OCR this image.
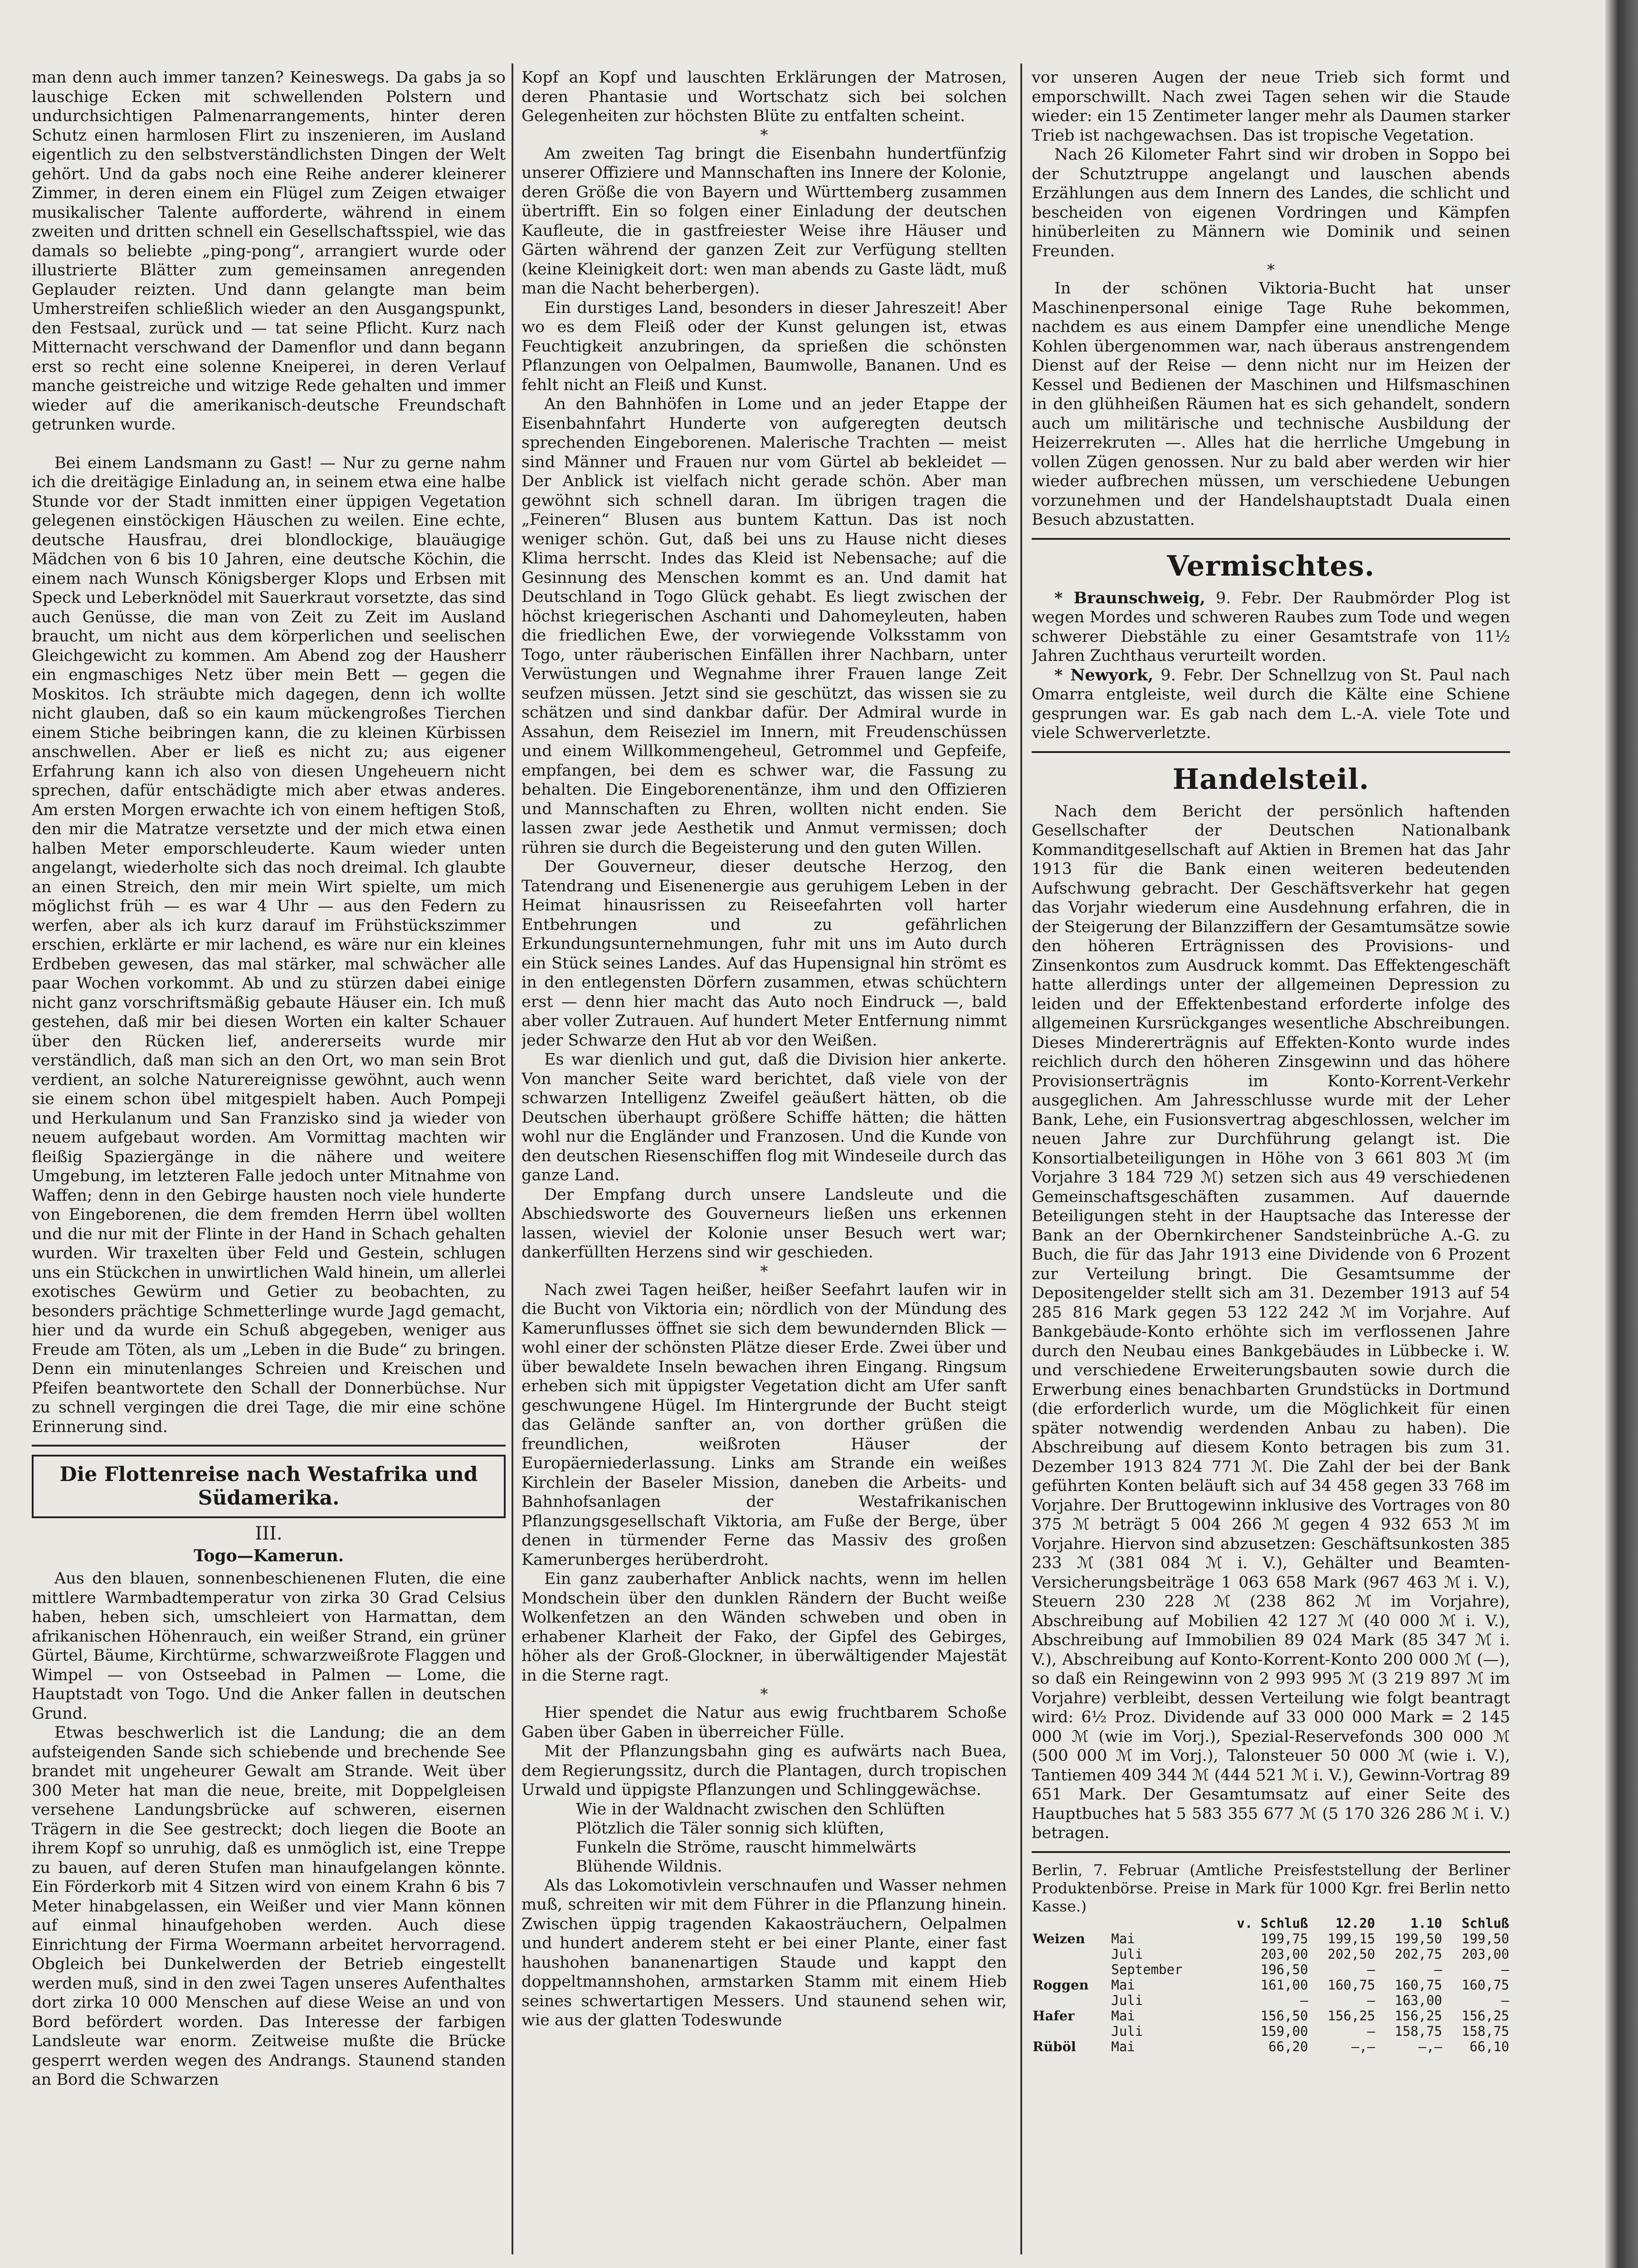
man denn auch immer tanzen? Keineswegs. Da gabs ja so lauschige Ecken mit schwellenden Polstern und undurchsichtigen Palmenarrangements, hinter deren Schutz einen harmlosen Flirt zu inszenieren, im Ausland eigentlich zu den selbstverständlichsten Dingen der Welt gehört. Und da gabs noch eine Reihe anderer kleinerer Zimmer, in deren einem ein Flügel zum Zeigen etwaiger musikalischer Talente aufforderte, während in einem zweiten und dritten schnell ein Gesellschaftsspiel, wie das damals so beliebte „ping-pong“, arrangiert wurde oder illustrierte Blätter zum gemeinsamen anregenden Geplauder reizten. Und dann gelangte man beim Umherstreifen schließlich wieder an den Ausgangspunkt, den Festsaal, zurück und — tat seine Pflicht. Kurz nach Mitternacht verschwand der Damenflor und dann begann erst so recht eine solenne Kneiperei, in deren Verlauf manche geistreiche und witzige Rede gehalten und immer wieder auf die amerikanisch-deutsche Freundschaft getrunken wurde.

Bei einem Landsmann zu Gast! — Nur zu gerne nahm ich die dreitägige Einladung an, in seinem etwa eine halbe Stunde vor der Stadt inmitten einer üppigen Vegetation gelegenen einstöckigen Häuschen zu weilen. Eine echte, deutsche Hausfrau, drei blondlockige, blauäugige Mädchen von 6 bis 10 Jahren, eine deutsche Köchin, die einem nach Wunsch Königsberger Klops und Erbsen mit Speck und Leberknödel mit Sauerkraut vorsetzte, das sind auch Genüsse, die man von Zeit zu Zeit im Ausland braucht, um nicht aus dem körperlichen und seelischen Gleichgewicht zu kommen. Am Abend zog der Hausherr ein engmaschiges Netz über mein Bett — gegen die Moskitos. Ich sträubte mich dagegen, denn ich wollte nicht glauben, daß so ein kaum mückengroßes Tierchen einem Stiche beibringen kann, die zu kleinen Kürbissen anschwellen. Aber er ließ es nicht zu; aus eigener Erfahrung kann ich also von diesen Ungeheuern nicht sprechen, dafür entschädigte mich aber etwas anderes. Am ersten Morgen erwachte ich von einem heftigen Stoß, den mir die Matratze versetzte und der mich etwa einen halben Meter emporschleuderte. Kaum wieder unten angelangt, wiederholte sich das noch dreimal. Ich glaubte an einen Streich, den mir mein Wirt spielte, um mich möglichst früh — es war 4 Uhr — aus den Federn zu werfen, aber als ich kurz darauf im Frühstückszimmer erschien, erklärte er mir lachend, es wäre nur ein kleines Erdbeben gewesen, das mal stärker, mal schwächer alle paar Wochen vorkommt. Ab und zu stürzen dabei einige nicht ganz vorschriftsmäßig gebaute Häuser ein. Ich muß gestehen, daß mir bei diesen Worten ein kalter Schauer über den Rücken lief, andererseits wurde mir verständlich, daß man sich an den Ort, wo man sein Brot verdient, an solche Naturereignisse gewöhnt, auch wenn sie einem schon übel mitgespielt haben. Auch Pompeji und Herkulanum und San Franzisko sind ja wieder von neuem aufgebaut worden. Am Vormittag machten wir fleißig Spaziergänge in die nähere und weitere Umgebung, im letzteren Falle jedoch unter Mitnahme von Waffen; denn in den Gebirge hausten noch viele hunderte von Eingeborenen, die dem fremden Herrn übel wollten und die nur mit der Flinte in der Hand in Schach gehalten wurden. Wir traxelten über Feld und Gestein, schlugen uns ein Stückchen in unwirtlichen Wald hinein, um allerlei exotisches Gewürm und Getier zu beobachten, zu besonders prächtige Schmetterlinge wurde Jagd gemacht, hier und da wurde ein Schuß abgegeben, weniger aus Freude am Töten, als um „Leben in die Bude“ zu bringen. Denn ein minutenlanges Schreien und Kreischen und Pfeifen beantwortete den Schall der Donnerbüchse. Nur zu schnell vergingen die drei Tage, die mir eine schöne Erinnerung sind.

Die Flottenreise nach Westafrika und Südamerika.
III.
Togo—Kamerun.

Aus den blauen, sonnenbeschienenen Fluten, die eine mittlere Warmbadtemperatur von zirka 30 Grad Celsius haben, heben sich, umschleiert von Harmattan, dem afrikanischen Höhenrauch, ein weißer Strand, ein grüner Gürtel, Bäume, Kirchtürme, schwarzweißrote Flaggen und Wimpel — von Ostseebad in Palmen — Lome, die Hauptstadt von Togo. Und die Anker fallen in deutschen Grund.

Etwas beschwerlich ist die Landung; die an dem aufsteigenden Sande sich schiebende und brechende See brandet mit ungeheurer Gewalt am Strande. Weit über 300 Meter hat man die neue, breite, mit Doppelgleisen versehene Landungsbrücke auf schweren, eisernen Trägern in die See gestreckt; doch liegen die Boote an ihrem Kopf so unruhig, daß es unmöglich ist, eine Treppe zu bauen, auf deren Stufen man hinaufgelangen könnte. Ein Förderkorb mit 4 Sitzen wird von einem Krahn 6 bis 7 Meter hinabgelassen, ein Weißer und vier Mann können auf einmal hinaufgehoben werden. Auch diese Einrichtung der Firma Woermann arbeitet hervorragend. Obgleich bei Dunkelwerden der Betrieb eingestellt werden muß, sind in den zwei Tagen unseres Aufenthaltes dort zirka 10 000 Menschen auf diese Weise an und von Bord befördert worden. Das Interesse der farbigen Landsleute war enorm. Zeitweise mußte die Brücke gesperrt werden wegen des Andrangs. Staunend standen an Bord die Schwarzen

Kopf an Kopf und lauschten Erklärungen der Matrosen, deren Phantasie und Wortschatz sich bei solchen Gelegenheiten zur höchsten Blüte zu entfalten scheint.

*

Am zweiten Tag bringt die Eisenbahn hundertfünfzig unserer Offiziere und Mannschaften ins Innere der Kolonie, deren Größe die von Bayern und Württemberg zusammen übertrifft. Ein so folgen einer Einladung der deutschen Kaufleute, die in gastfreiester Weise ihre Häuser und Gärten während der ganzen Zeit zur Verfügung stellten (keine Kleinigkeit dort: wen man abends zu Gaste lädt, muß man die Nacht beherbergen).

Ein durstiges Land, besonders in dieser Jahreszeit! Aber wo es dem Fleiß oder der Kunst gelungen ist, etwas Feuchtigkeit anzubringen, da sprießen die schönsten Pflanzungen von Oelpalmen, Baumwolle, Bananen. Und es fehlt nicht an Fleiß und Kunst.

An den Bahnhöfen in Lome und an jeder Etappe der Eisenbahnfahrt Hunderte von aufgeregten deutsch sprechenden Eingeborenen. Malerische Trachten — meist sind Männer und Frauen nur vom Gürtel ab bekleidet — Der Anblick ist vielfach nicht gerade schön. Aber man gewöhnt sich schnell daran. Im übrigen tragen die „Feineren“ Blusen aus buntem Kattun. Das ist noch weniger schön. Gut, daß bei uns zu Hause nicht dieses Klima herrscht. Indes das Kleid ist Nebensache; auf die Gesinnung des Menschen kommt es an. Und damit hat Deutschland in Togo Glück gehabt. Es liegt zwischen der höchst kriegerischen Aschanti und Dahomeyleuten, haben die friedlichen Ewe, der vorwiegende Volksstamm von Togo, unter räuberischen Einfällen ihrer Nachbarn, unter Verwüstungen und Wegnahme ihrer Frauen lange Zeit seufzen müssen. Jetzt sind sie geschützt, das wissen sie zu schätzen und sind dankbar dafür. Der Admiral wurde in Assahun, dem Reiseziel im Innern, mit Freudenschüssen und einem Willkommengeheul, Getrommel und Gepfeife, empfangen, bei dem es schwer war, die Fassung zu behalten. Die Eingeborenentänze, ihm und den Offizieren und Mannschaften zu Ehren, wollten nicht enden. Sie lassen zwar jede Aesthetik und Anmut vermissen; doch rühren sie durch die Begeisterung und den guten Willen.

Der Gouverneur, dieser deutsche Herzog, den Tatendrang und Eisenenergie aus geruhigem Leben in der Heimat hinausrissen zu Reiseefahrten voll harter Entbehrungen und zu gefährlichen Erkundungsunternehmungen, fuhr mit uns im Auto durch ein Stück seines Landes. Auf das Hupensignal hin strömt es in den entlegensten Dörfern zusammen, etwas schüchtern erst — denn hier macht das Auto noch Eindruck —, bald aber voller Zutrauen. Auf hundert Meter Entfernung nimmt jeder Schwarze den Hut ab vor den Weißen.

Es war dienlich und gut, daß die Division hier ankerte. Von mancher Seite ward berichtet, daß viele von der schwarzen Intelligenz Zweifel geäußert hätten, ob die Deutschen überhaupt größere Schiffe hätten; die hätten wohl nur die Engländer und Franzosen. Und die Kunde von den deutschen Riesenschiffen flog mit Windeseile durch das ganze Land.

Der Empfang durch unsere Landsleute und die Abschiedsworte des Gouverneurs ließen uns erkennen lassen, wieviel der Kolonie unser Besuch wert war; dankerfüllten Herzens sind wir geschieden.

*

Nach zwei Tagen heißer, heißer Seefahrt laufen wir in die Bucht von Viktoria ein; nördlich von der Mündung des Kamerunflusses öffnet sie sich dem bewundernden Blick — wohl einer der schönsten Plätze dieser Erde. Zwei über und über bewaldete Inseln bewachen ihren Eingang. Ringsum erheben sich mit üppigster Vegetation dicht am Ufer sanft geschwungene Hügel. Im Hintergrunde der Bucht steigt das Gelände sanfter an, von dorther grüßen die freundlichen, weißroten Häuser der Europäerniederlassung. Links am Strande ein weißes Kirchlein der Baseler Mission, daneben die Arbeits- und Bahnhofsanlagen der Westafrikanischen Pflanzungsgesellschaft Viktoria, am Fuße der Berge, über denen in türmender Ferne das Massiv des großen Kamerunberges herüberdroht.

Ein ganz zauberhafter Anblick nachts, wenn im hellen Mondschein über den dunklen Rändern der Bucht weiße Wolkenfetzen an den Wänden schweben und oben in erhabener Klarheit der Fako, der Gipfel des Gebirges, höher als der Groß-Glockner, in überwältigender Majestät in die Sterne ragt.

*

Hier spendet die Natur aus ewig fruchtbarem Schoße Gaben über Gaben in überreicher Fülle.

Mit der Pflanzungsbahn ging es aufwärts nach Buea, dem Regierungssitz, durch die Plantagen, durch tropischen Urwald und üppigste Pflanzungen und Schlinggewächse.

Wie in der Waldnacht zwischen den Schlüften
Plötzlich die Täler sonnig sich klüften,
Funkeln die Ströme, rauscht himmelwärts
Blühende Wildnis.

Als das Lokomotivlein verschnaufen und Wasser nehmen muß, schreiten wir mit dem Führer in die Pflanzung hinein. Zwischen üppig tragenden Kakaosträuchern, Oelpalmen und hundert anderem steht er bei einer Plante, einer fast haushohen bananenartigen Staude und kappt den doppeltmannshohen, armstarken Stamm mit einem Hieb seines schwertartigen Messers. Und staunend sehen wir, wie aus der glatten Todeswunde

vor unseren Augen der neue Trieb sich formt und emporschwillt. Nach zwei Tagen sehen wir die Staude wieder: ein 15 Zentimeter langer mehr als Daumen starker Trieb ist nachgewachsen. Das ist tropische Vegetation.

Nach 26 Kilometer Fahrt sind wir droben in Soppo bei der Schutztruppe angelangt und lauschen abends Erzählungen aus dem Innern des Landes, die schlicht und bescheiden von eigenen Vordringen und Kämpfen hinüberleiten zu Männern wie Dominik und seinen Freunden.

*

In der schönen Viktoria-Bucht hat unser Maschinenpersonal einige Tage Ruhe bekommen, nachdem es aus einem Dampfer eine unendliche Menge Kohlen übergenommen war, nach überaus anstrengendem Dienst auf der Reise — denn nicht nur im Heizen der Kessel und Bedienen der Maschinen und Hilfsmaschinen in den glühheißen Räumen hat es sich gehandelt, sondern auch um militärische und technische Ausbildung der Heizerrekruten —. Alles hat die herrliche Umgebung in vollen Zügen genossen. Nur zu bald aber werden wir hier wieder aufbrechen müssen, um verschiedene Uebungen vorzunehmen und der Handelshauptstadt Duala einen Besuch abzustatten.

Vermischtes.

* Braunschweig, 9. Febr. Der Raubmörder Plog ist wegen Mordes und schweren Raubes zum Tode und wegen schwerer Diebstähle zu einer Gesamtstrafe von 11½ Jahren Zuchthaus verurteilt worden.

* Newyork, 9. Febr. Der Schnellzug von St. Paul nach Omarra entgleiste, weil durch die Kälte eine Schiene gesprungen war. Es gab nach dem L.-A. viele Tote und viele Schwerverletzte.

Handelsteil.

Nach dem Bericht der persönlich haftenden Gesellschafter der Deutschen Nationalbank Kommanditgesellschaft auf Aktien in Bremen hat das Jahr 1913 für die Bank einen weiteren bedeutenden Aufschwung gebracht. Der Geschäftsverkehr hat gegen das Vorjahr wiederum eine Ausdehnung erfahren, die in der Steigerung der Bilanzziffern der Gesamtumsätze sowie den höheren Erträgnissen des Provisions- und Zinsenkontos zum Ausdruck kommt. Das Effektengeschäft hatte allerdings unter der allgemeinen Depression zu leiden und der Effektenbestand erforderte infolge des allgemeinen Kursrückganges wesentliche Abschreibungen. Dieses Mindererträgnis auf Effekten-Konto wurde indes reichlich durch den höheren Zinsgewinn und das höhere Provisionserträgnis im Konto-Korrent-Verkehr ausgeglichen. Am Jahresschlusse wurde mit der Leher Bank, Lehe, ein Fusionsvertrag abgeschlossen, welcher im neuen Jahre zur Durchführung gelangt ist. Die Konsortialbeteiligungen in Höhe von 3 661 803 ℳ (im Vorjahre 3 184 729 ℳ) setzen sich aus 49 verschiedenen Gemeinschaftsgeschäften zusammen. Auf dauernde Beteiligungen steht in der Hauptsache das Interesse der Bank an der Obernkirchener Sandsteinbrüche A.-G. zu Buch, die für das Jahr 1913 eine Dividende von 6 Prozent zur Verteilung bringt. Die Gesamtsumme der Depositengelder stellt sich am 31. Dezember 1913 auf 54 285 816 Mark gegen 53 122 242 ℳ im Vorjahre. Auf Bankgebäude-Konto erhöhte sich im verflossenen Jahre durch den Neubau eines Bankgebäudes in Lübbecke i. W. und verschiedene Erweiterungsbauten sowie durch die Erwerbung eines benachbarten Grundstücks in Dortmund (die erforderlich wurde, um die Möglichkeit für einen später notwendig werdenden Anbau zu haben). Die Abschreibung auf diesem Konto betragen bis zum 31. Dezember 1913 824 771 ℳ. Die Zahl der bei der Bank geführten Konten beläuft sich auf 34 458 gegen 33 768 im Vorjahre. Der Bruttogewinn inklusive des Vortrages von 80 375 ℳ beträgt 5 004 266 ℳ gegen 4 932 653 ℳ im Vorjahre. Hiervon sind abzusetzen: Geschäftsunkosten 385 233 ℳ (381 084 ℳ i. V.), Gehälter und Beamten-Versicherungsbeiträge 1 063 658 Mark (967 463 ℳ i. V.), Steuern 230 228 ℳ (238 862 ℳ im Vorjahre), Abschreibung auf Mobilien 42 127 ℳ (40 000 ℳ i. V.), Abschreibung auf Immobilien 89 024 Mark (85 347 ℳ i. V.), Abschreibung auf Konto-Korrent-Konto 200 000 ℳ (—), so daß ein Reingewinn von 2 993 995 ℳ (3 219 897 ℳ im Vorjahre) verbleibt, dessen Verteilung wie folgt beantragt wird: 6½ Proz. Dividende auf 33 000 000 Mark = 2 145 000 ℳ (wie im Vorj.), Spezial-Reservefonds 300 000 ℳ (500 000 ℳ im Vorj.), Talonsteuer 50 000 ℳ (wie i. V.), Tantiemen 409 344 ℳ (444 521 ℳ i. V.), Gewinn-Vortrag 89 651 Mark. Der Gesamtumsatz auf einer Seite des Hauptbuches hat 5 583 355 677 ℳ (5 170 326 286 ℳ i. V.) betragen.

Berlin, 7. Februar (Amtliche Preisfeststellung der Berliner Produktenbörse. Preise in Mark für 1000 Kgr. frei Berlin netto Kasse.)

		v. Schluß	12.20	1.10	Schluß
Weizen	Mai	199,75	199,15	199,50	199,50
	Juli	203,00	202,50	202,75	203,00
	September	196,50	—	—	—
Roggen	Mai	161,00	160,75	160,75	160,75
	Juli	—	—	163,00	—
Hafer	Mai	156,50	156,25	156,25	156,25
	Juli	159,00	—	158,75	158,75
Rüböl	Mai	66,20	—,—	—,—	66,10
